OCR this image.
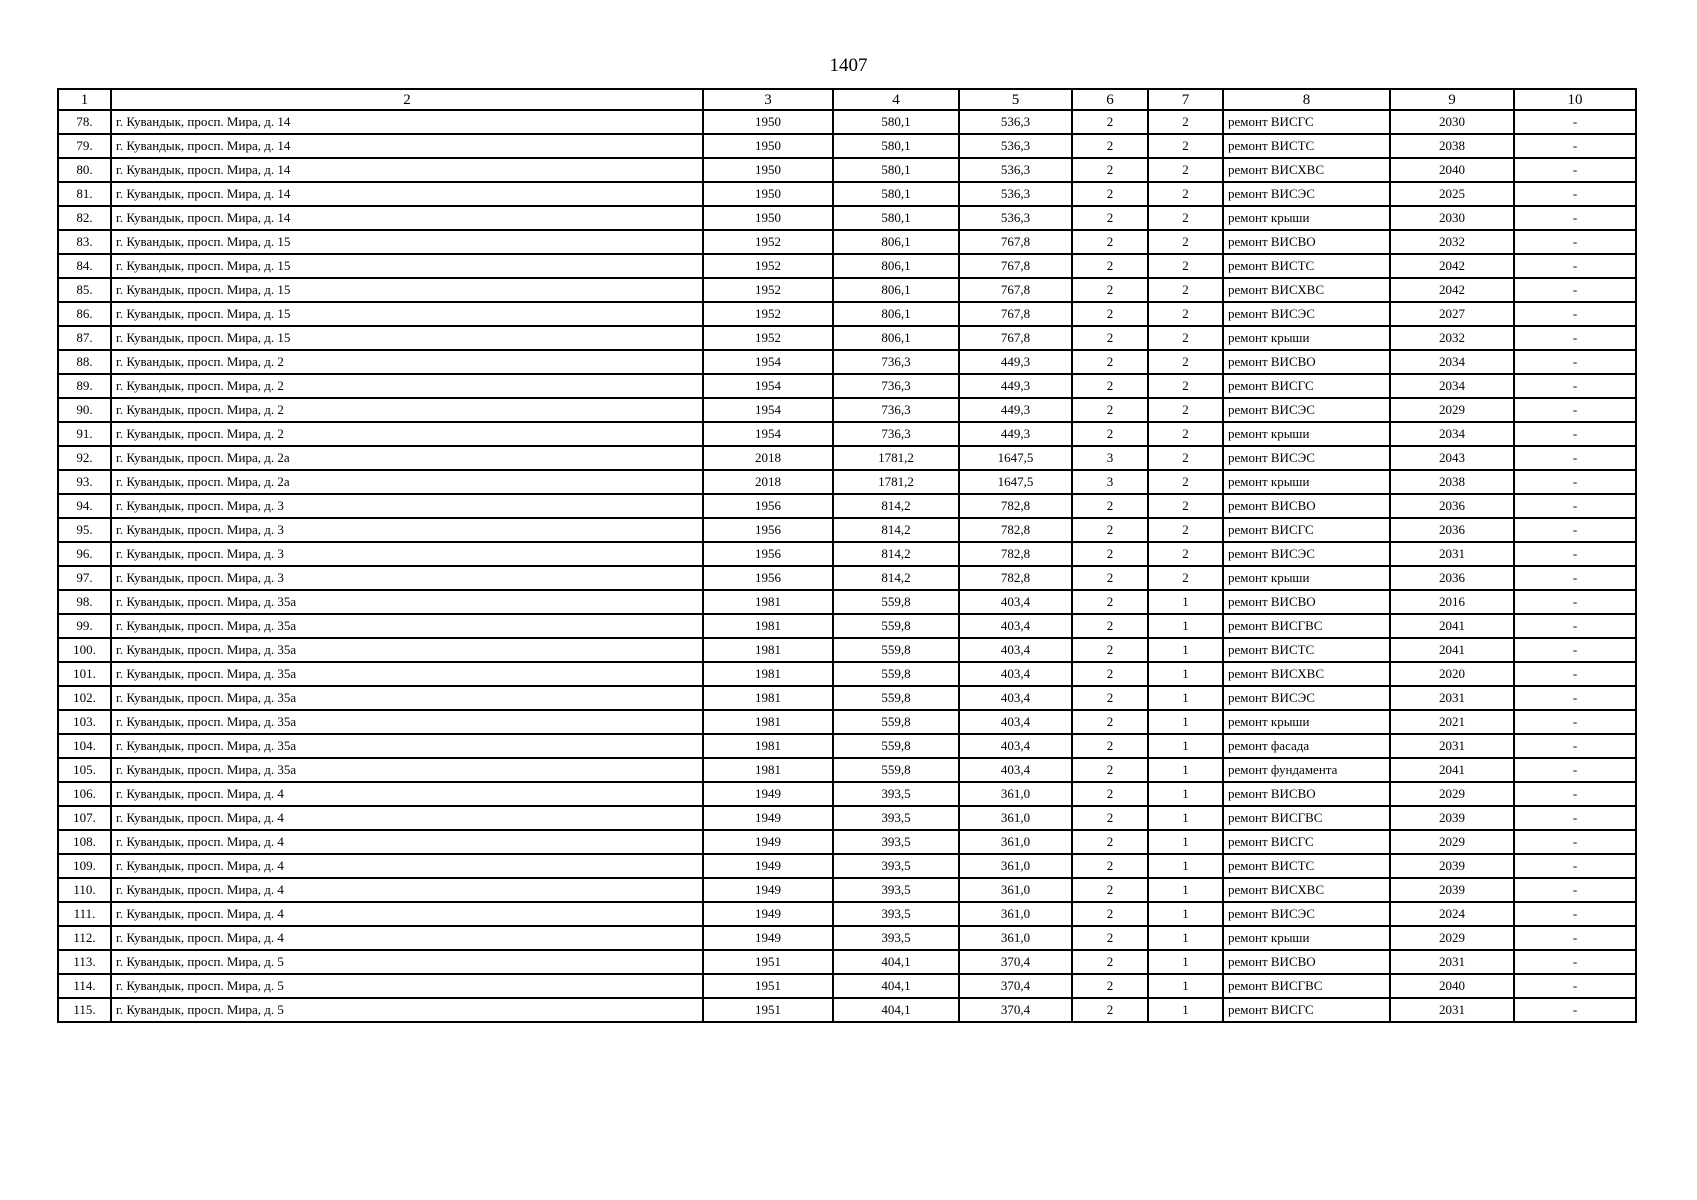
1407
1	2	3	4	5	6	7	8	9	10
78.	г. Кувандык, просп. Мира, д. 14	1950	580,1	536,3	2	2	ремонт ВИСГС	2030	-
79.	г. Кувандык, просп. Мира, д. 14	1950	580,1	536,3	2	2	ремонт ВИСТС	2038	-
80.	г. Кувандык, просп. Мира, д. 14	1950	580,1	536,3	2	2	ремонт ВИСХВС	2040	-
81.	г. Кувандык, просп. Мира, д. 14	1950	580,1	536,3	2	2	ремонт ВИСЭС	2025	-
82.	г. Кувандык, просп. Мира, д. 14	1950	580,1	536,3	2	2	ремонт крыши	2030	-
83.	г. Кувандык, просп. Мира, д. 15	1952	806,1	767,8	2	2	ремонт ВИСВО	2032	-
84.	г. Кувандык, просп. Мира, д. 15	1952	806,1	767,8	2	2	ремонт ВИСТС	2042	-
85.	г. Кувандык, просп. Мира, д. 15	1952	806,1	767,8	2	2	ремонт ВИСХВС	2042	-
86.	г. Кувандык, просп. Мира, д. 15	1952	806,1	767,8	2	2	ремонт ВИСЭС	2027	-
87.	г. Кувандык, просп. Мира, д. 15	1952	806,1	767,8	2	2	ремонт крыши	2032	-
88.	г. Кувандык, просп. Мира, д. 2	1954	736,3	449,3	2	2	ремонт ВИСВО	2034	-
89.	г. Кувандык, просп. Мира, д. 2	1954	736,3	449,3	2	2	ремонт ВИСГС	2034	-
90.	г. Кувандык, просп. Мира, д. 2	1954	736,3	449,3	2	2	ремонт ВИСЭС	2029	-
91.	г. Кувандык, просп. Мира, д. 2	1954	736,3	449,3	2	2	ремонт крыши	2034	-
92.	г. Кувандык, просп. Мира, д. 2а	2018	1781,2	1647,5	3	2	ремонт ВИСЭС	2043	-
93.	г. Кувандык, просп. Мира, д. 2а	2018	1781,2	1647,5	3	2	ремонт крыши	2038	-
94.	г. Кувандык, просп. Мира, д. 3	1956	814,2	782,8	2	2	ремонт ВИСВО	2036	-
95.	г. Кувандык, просп. Мира, д. 3	1956	814,2	782,8	2	2	ремонт ВИСГС	2036	-
96.	г. Кувандык, просп. Мира, д. 3	1956	814,2	782,8	2	2	ремонт ВИСЭС	2031	-
97.	г. Кувандык, просп. Мира, д. 3	1956	814,2	782,8	2	2	ремонт крыши	2036	-
98.	г. Кувандык, просп. Мира, д. 35а	1981	559,8	403,4	2	1	ремонт ВИСВО	2016	-
99.	г. Кувандык, просп. Мира, д. 35а	1981	559,8	403,4	2	1	ремонт ВИСГВС	2041	-
100.	г. Кувандык, просп. Мира, д. 35а	1981	559,8	403,4	2	1	ремонт ВИСТС	2041	-
101.	г. Кувандык, просп. Мира, д. 35а	1981	559,8	403,4	2	1	ремонт ВИСХВС	2020	-
102.	г. Кувандык, просп. Мира, д. 35а	1981	559,8	403,4	2	1	ремонт ВИСЭС	2031	-
103.	г. Кувандык, просп. Мира, д. 35а	1981	559,8	403,4	2	1	ремонт крыши	2021	-
104.	г. Кувандык, просп. Мира, д. 35а	1981	559,8	403,4	2	1	ремонт фасада	2031	-
105.	г. Кувандык, просп. Мира, д. 35а	1981	559,8	403,4	2	1	ремонт фундамента	2041	-
106.	г. Кувандык, просп. Мира, д. 4	1949	393,5	361,0	2	1	ремонт ВИСВО	2029	-
107.	г. Кувандык, просп. Мира, д. 4	1949	393,5	361,0	2	1	ремонт ВИСГВС	2039	-
108.	г. Кувандык, просп. Мира, д. 4	1949	393,5	361,0	2	1	ремонт ВИСГС	2029	-
109.	г. Кувандык, просп. Мира, д. 4	1949	393,5	361,0	2	1	ремонт ВИСТС	2039	-
110.	г. Кувандык, просп. Мира, д. 4	1949	393,5	361,0	2	1	ремонт ВИСХВС	2039	-
111.	г. Кувандык, просп. Мира, д. 4	1949	393,5	361,0	2	1	ремонт ВИСЭС	2024	-
112.	г. Кувандык, просп. Мира, д. 4	1949	393,5	361,0	2	1	ремонт крыши	2029	-
113.	г. Кувандык, просп. Мира, д. 5	1951	404,1	370,4	2	1	ремонт ВИСВО	2031	-
114.	г. Кувандык, просп. Мира, д. 5	1951	404,1	370,4	2	1	ремонт ВИСГВС	2040	-
115.	г. Кувандык, просп. Мира, д. 5	1951	404,1	370,4	2	1	ремонт ВИСГС	2031	-
